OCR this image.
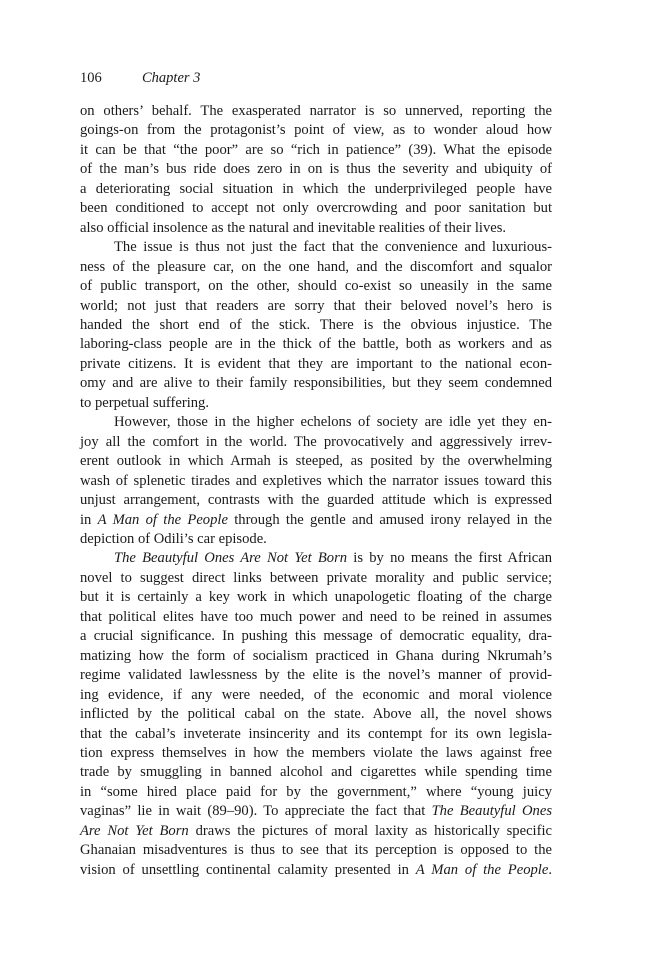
106	Chapter 3

on others’ behalf. The exasperated narrator is so unnerved, reporting the
goings-on from the protagonist’s point of view, as to wonder aloud how
it can be that “the poor” are so “rich in patience” (39). What the episode
of the man’s bus ride does zero in on is thus the severity and ubiquity of
a deteriorating social situation in which the underprivileged people have
been conditioned to accept not only overcrowding and poor sanitation but
also official insolence as the natural and inevitable realities of their lives.

The issue is thus not just the fact that the convenience and luxurious-
ness of the pleasure car, on the one hand, and the discomfort and squalor
of public transport, on the other, should co-exist so uneasily in the same
world; not just that readers are sorry that their beloved novel’s hero is
handed the short end of the stick. There is the obvious injustice. The
laboring-class people are in the thick of the battle, both as workers and as
private citizens. It is evident that they are important to the national econ-
omy and are alive to their family responsibilities, but they seem condemned
to perpetual suffering.

However, those in the higher echelons of society are idle yet they en-
joy all the comfort in the world. The provocatively and aggressively irrev-
erent outlook in which Armah is steeped, as posited by the overwhelming
wash of splenetic tirades and expletives which the narrator issues toward this
unjust arrangement, contrasts with the guarded attitude which is expressed
in A Man of the People through the gentle and amused irony relayed in the
depiction of Odili’s car episode.

The Beautyful Ones Are Not Yet Born is by no means the first African
novel to suggest direct links between private morality and public service;
but it is certainly a key work in which unapologetic floating of the charge
that political elites have too much power and need to be reined in assumes
a crucial significance. In pushing this message of democratic equality, dra-
matizing how the form of socialism practiced in Ghana during Nkrumah’s
regime validated lawlessness by the elite is the novel’s manner of provid-
ing evidence, if any were needed, of the economic and moral violence
inflicted by the political cabal on the state. Above all, the novel shows
that the cabal’s inveterate insincerity and its contempt for its own legisla-
tion express themselves in how the members violate the laws against free
trade by smuggling in banned alcohol and cigarettes while spending time
in “some hired place paid for by the government,” where “young juicy
vaginas” lie in wait (89–90). To appreciate the fact that The Beautyful Ones
Are Not Yet Born draws the pictures of moral laxity as historically specific
Ghanaian misadventures is thus to see that its perception is opposed to the
vision of unsettling continental calamity presented in A Man of the People.
